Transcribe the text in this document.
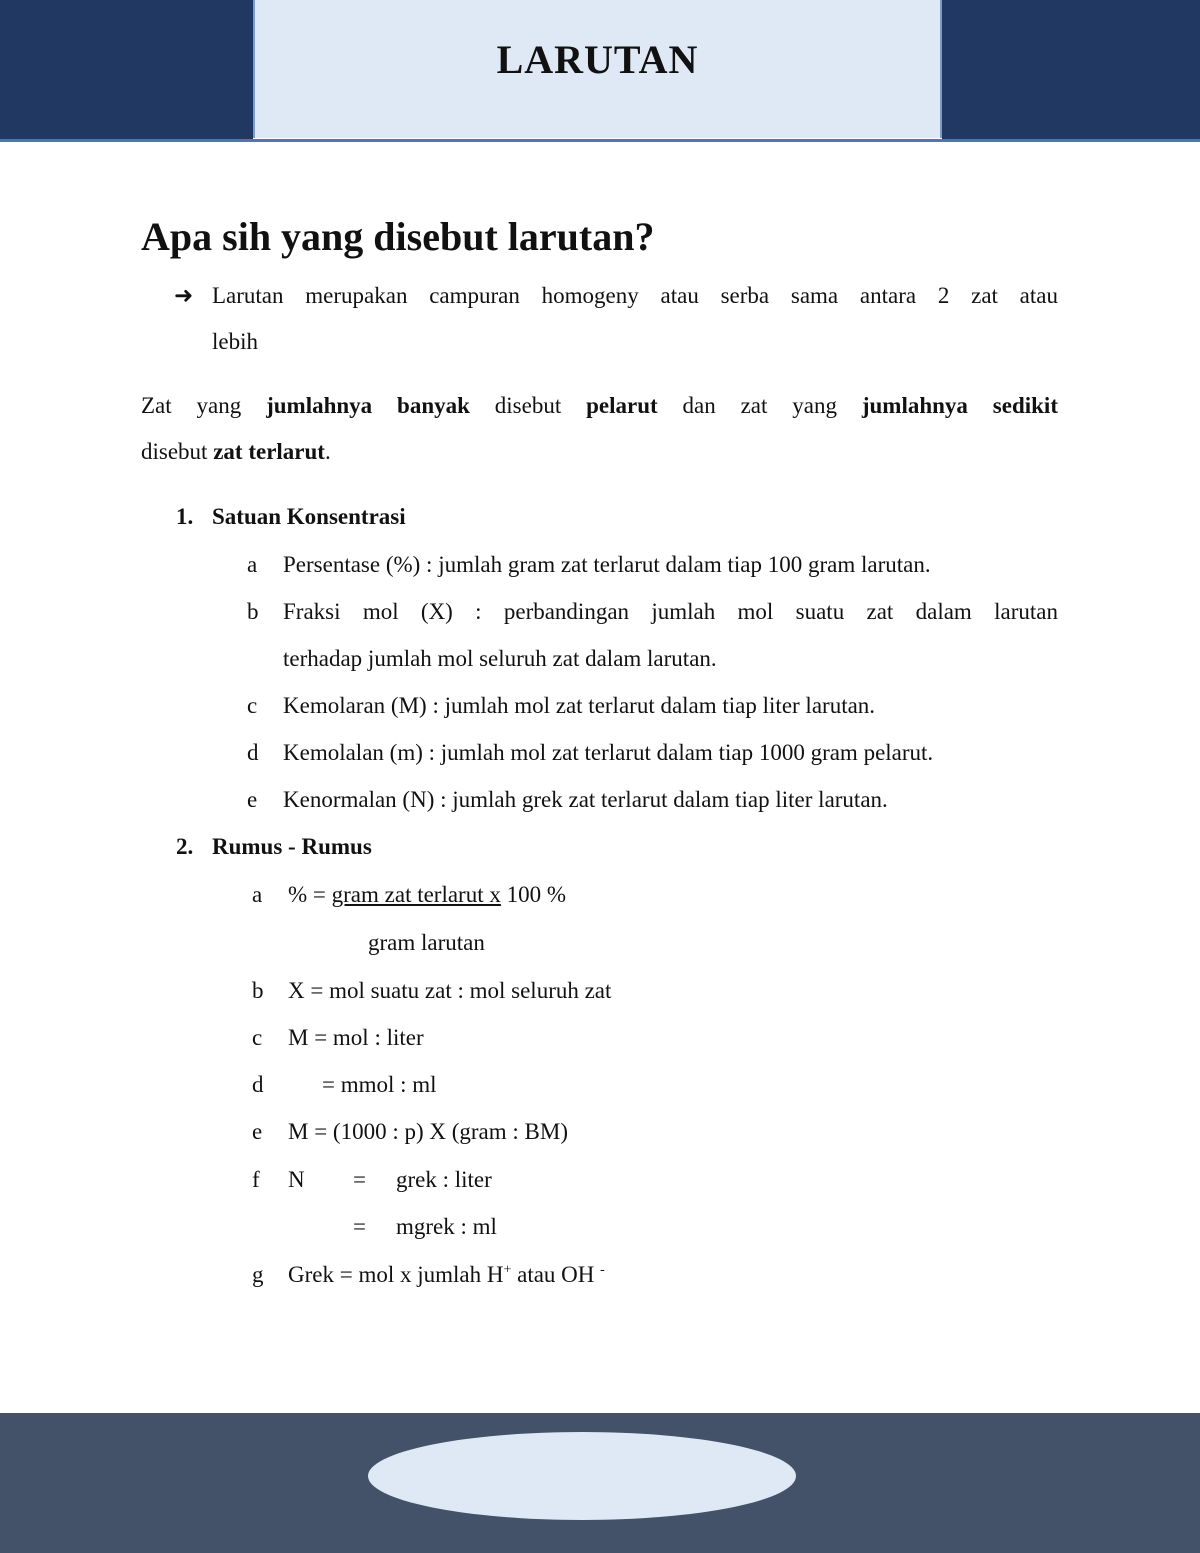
LARUTAN
Apa sih yang disebut larutan?
➜ Larutan merupakan campuran homogeny atau serba sama antara 2 zat atau
lebih
Zat yang jumlahnya banyak disebut pelarut dan zat yang jumlahnya sedikit
disebut zat terlarut.
1. Satuan Konsentrasi
a Persentase (%) : jumlah gram zat terlarut dalam tiap 100 gram larutan.
b Fraksi mol (X) : perbandingan jumlah mol suatu zat dalam larutan
terhadap jumlah mol seluruh zat dalam larutan.
c Kemolaran (M) : jumlah mol zat terlarut dalam tiap liter larutan.
d Kemolalan (m) : jumlah mol zat terlarut dalam tiap 1000 gram pelarut.
e Kenormalan (N) : jumlah grek zat terlarut dalam tiap liter larutan.
2. Rumus - Rumus
a % = gram zat terlarut x 100 %
gram larutan
b X = mol suatu zat : mol seluruh zat
c M = mol : liter
d	= mmol : ml
e M = (1000 : p) X (gram : BM)
f N = grek : liter
= mgrek : ml
g Grek = mol x jumlah H+ atau OH -
